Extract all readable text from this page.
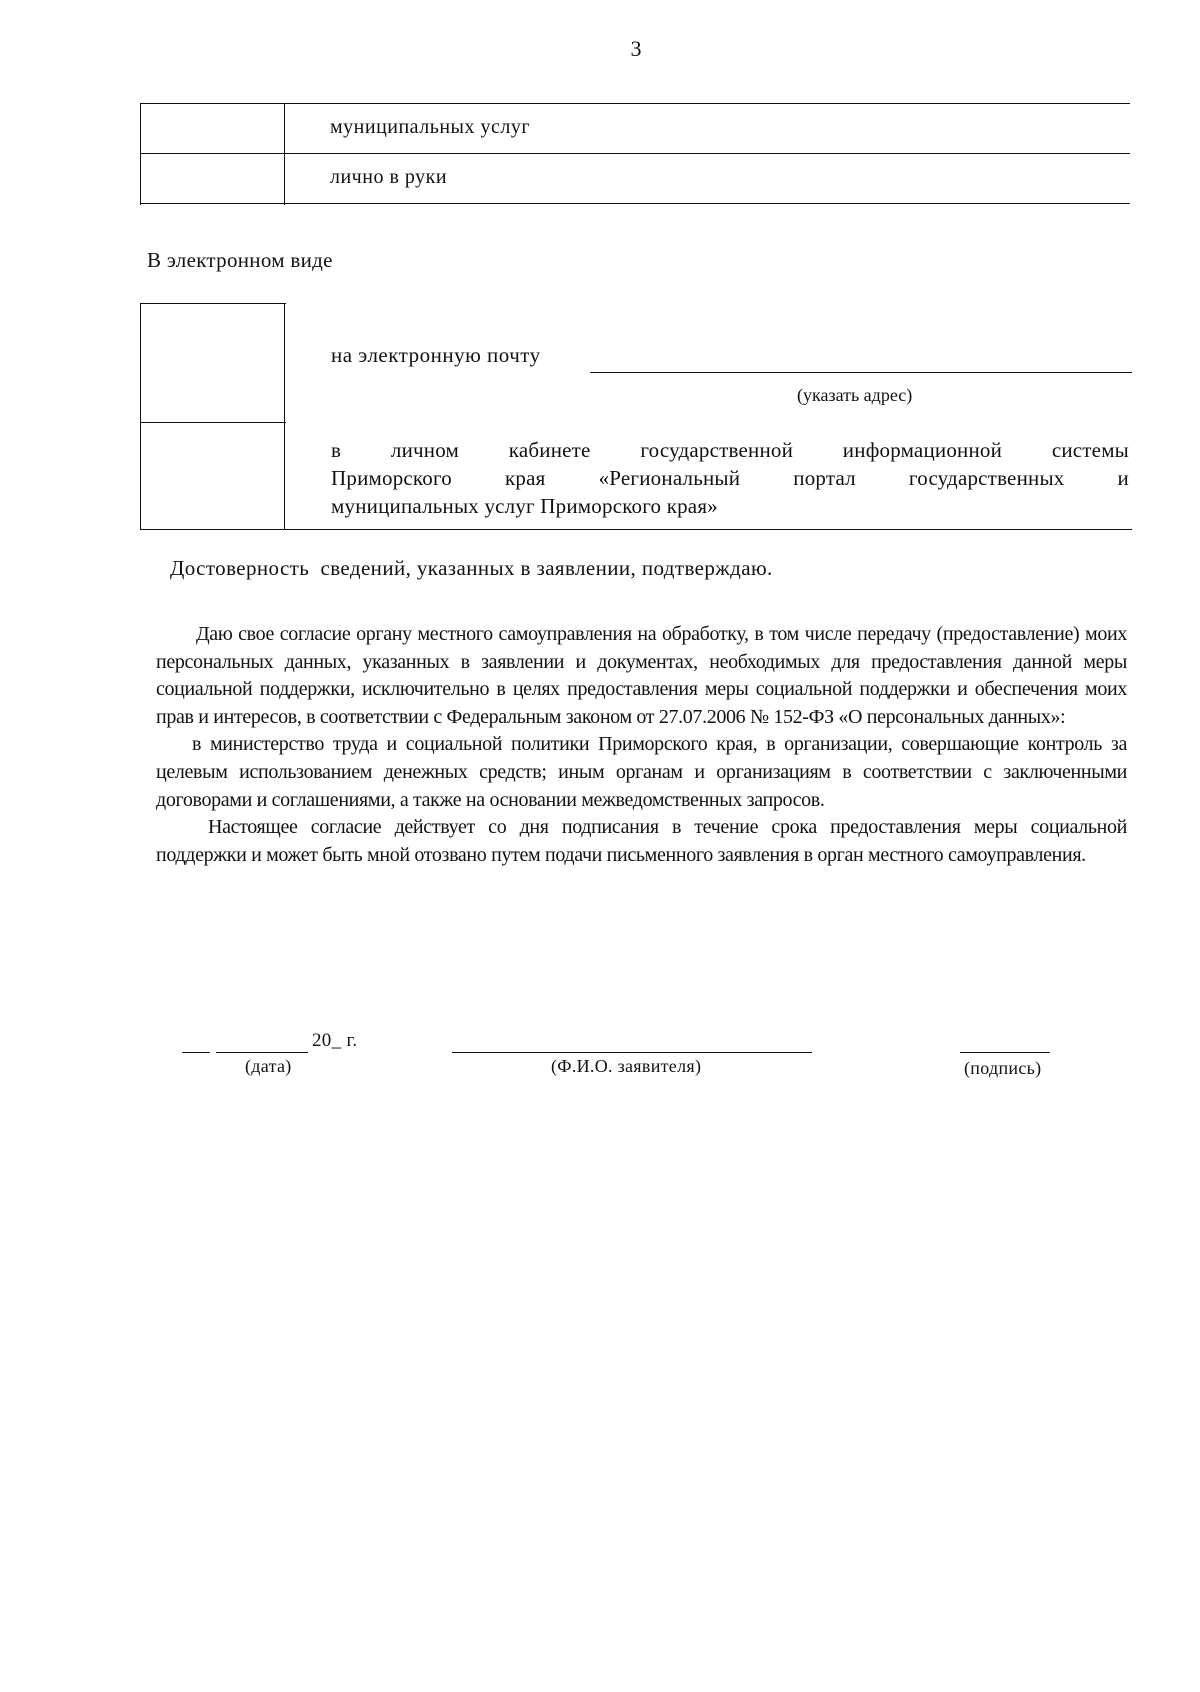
3
муниципальных услуг
лично в руки
В электронном виде
на электронную почту
(указать адрес)
в личном кабинете государственной информационной системы
Приморского края «Региональный портал государственных и
муниципальных услуг Приморского края»
Достоверность  сведений, указанных в заявлении, подтверждаю.

Даю свое согласие органу местного самоуправления на обработку, в том числе передачу (предоставление) моих персональных данных, указанных в заявлении и документах, необходимых для предоставления данной меры социальной поддержки, исключительно в целях предоставления меры социальной поддержки и обеспечения моих прав и интересов, в соответствии с Федеральным законом от 27.07.2006 № 152-ФЗ «О персональных данных»:

в министерство труда и социальной политики Приморского края, в организации, совершающие контроль за целевым использованием денежных средств; иным органам и организациям в соответствии с заключенными договорами и соглашениями, а также на основании межведомственных запросов.

Настоящее согласие действует со дня подписания в течение срока предоставления меры социальной поддержки и может быть мной отозвано путем подачи письменного заявления в орган местного самоуправления.

20_ г.
(дата)	(Ф.И.О. заявителя)	(подпись)
